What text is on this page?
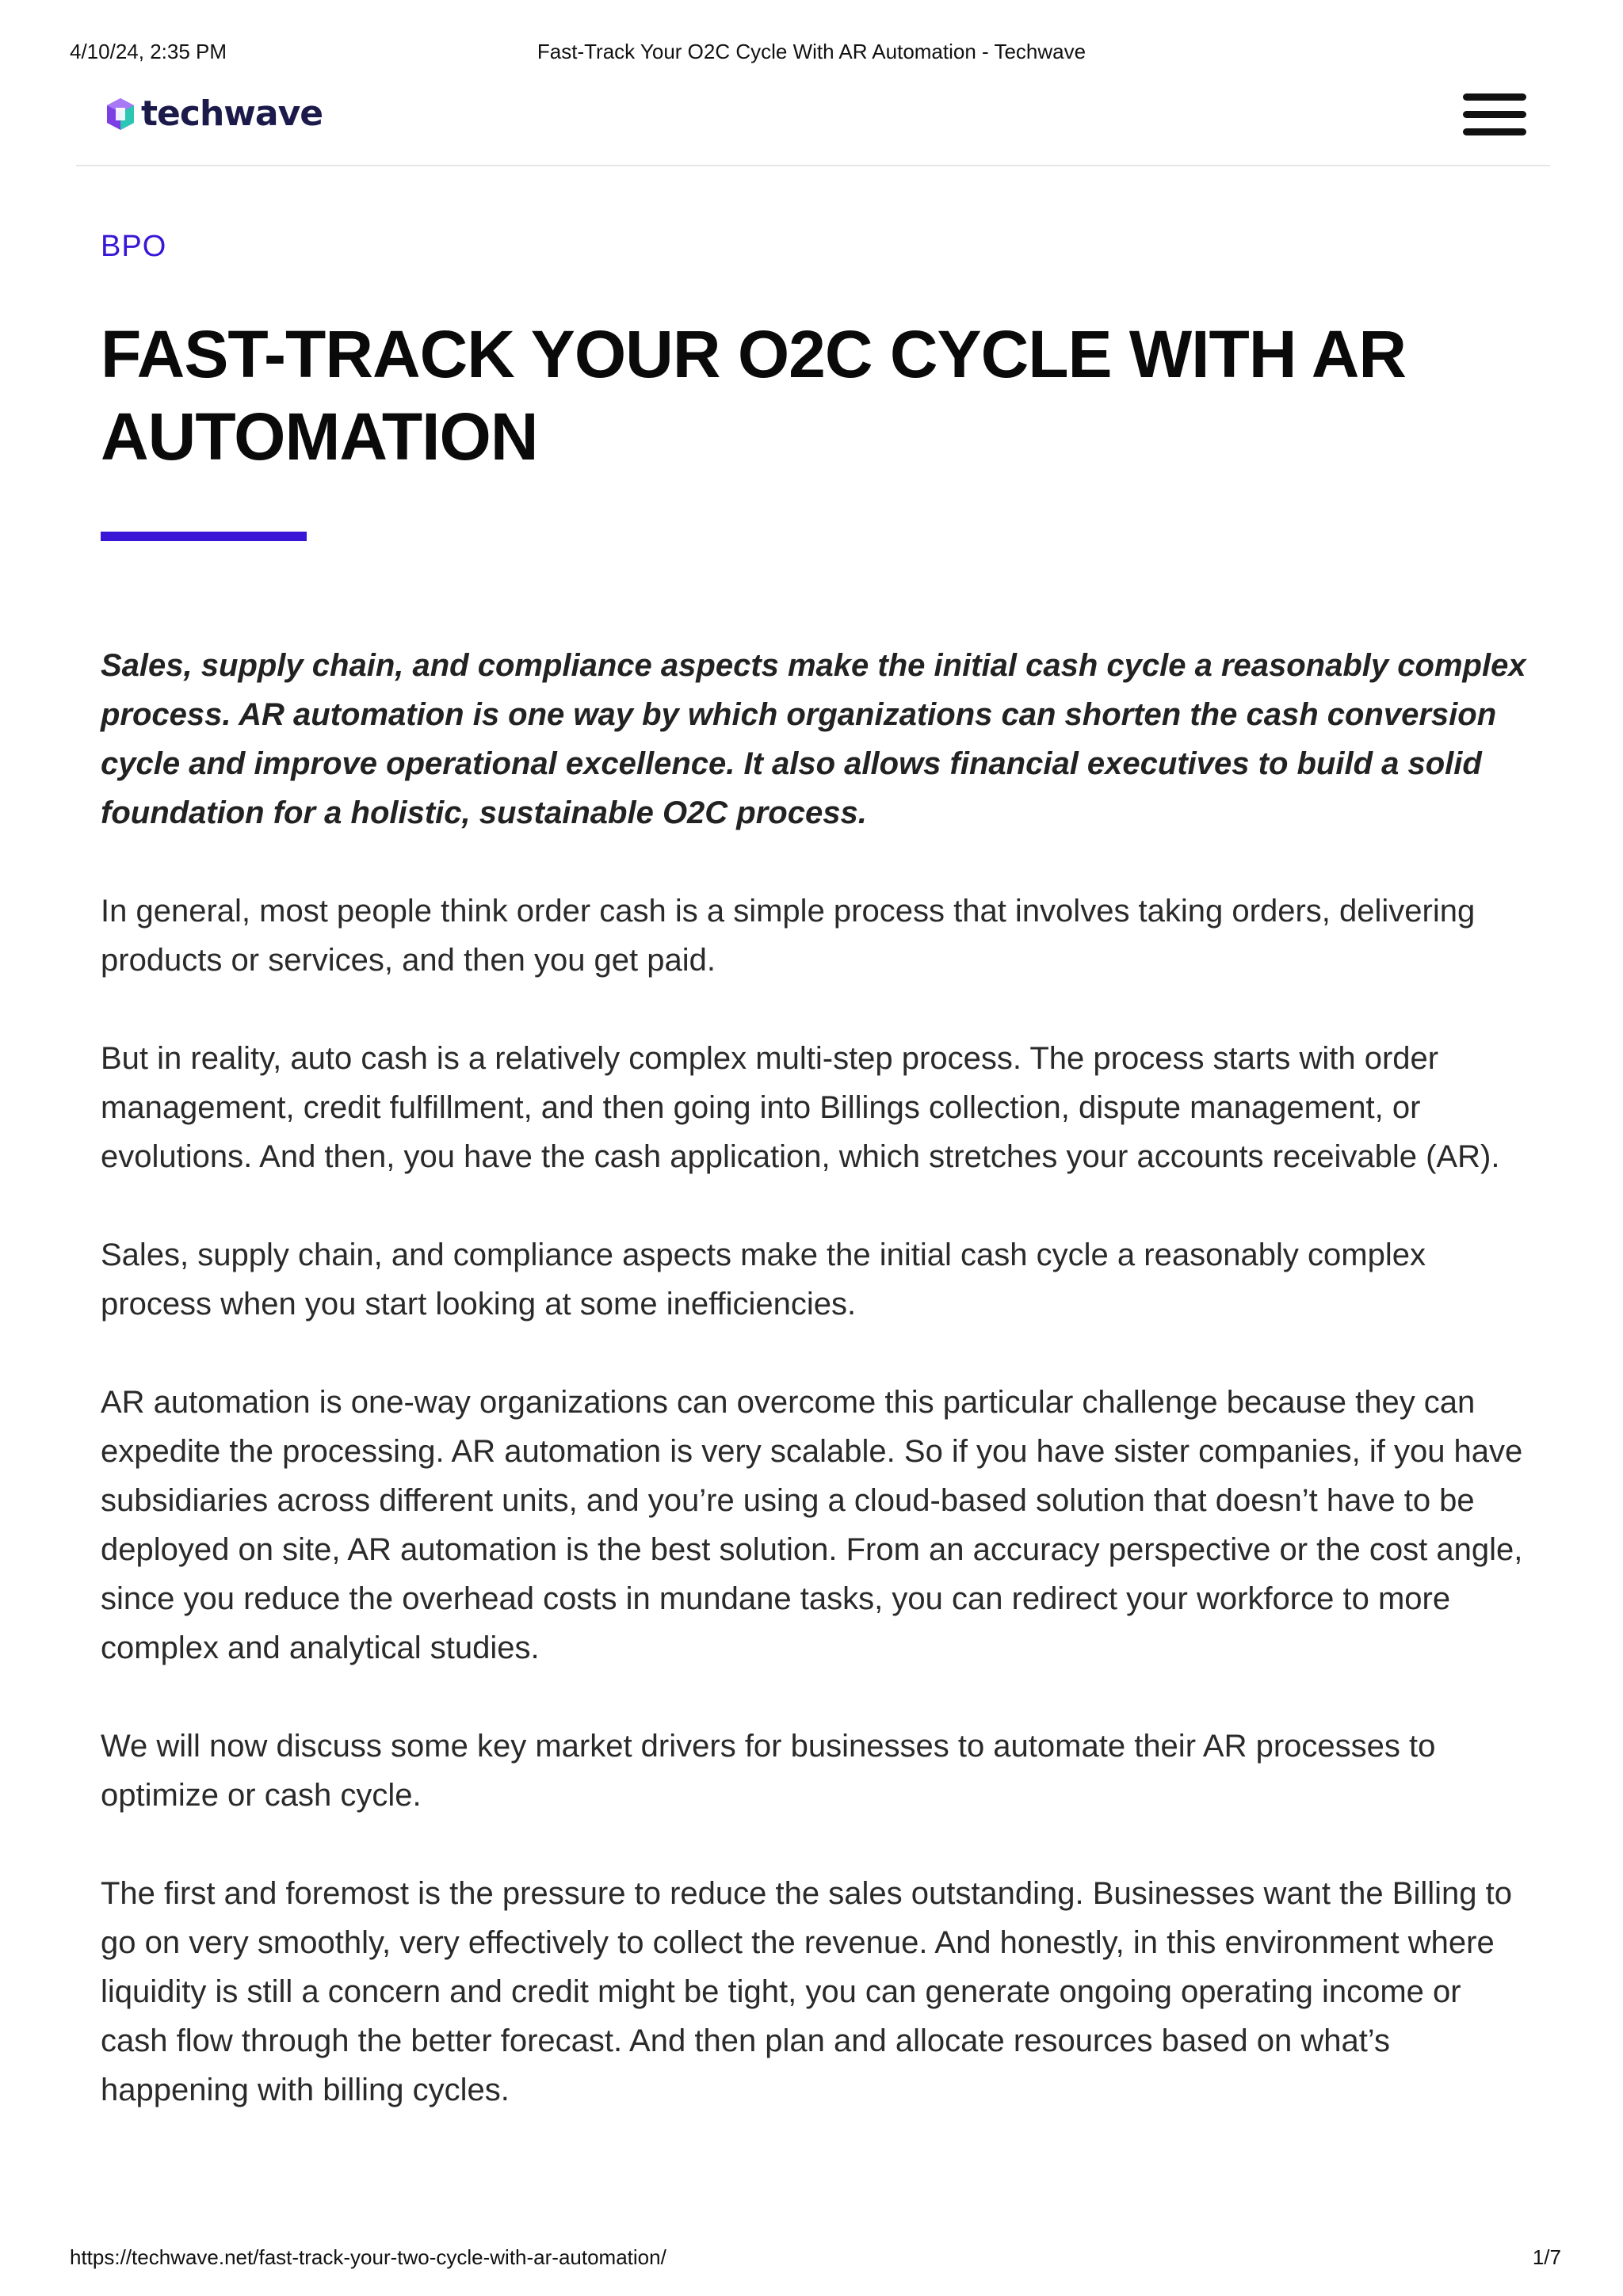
4/10/24, 2:35 PM	Fast-Track Your O2C Cycle With AR Automation - Techwave
techwave
BPO
FAST-TRACK YOUR O2C CYCLE WITH AR AUTOMATION

Sales, supply chain, and compliance aspects make the initial cash cycle a reasonably complex process. AR automation is one way by which organizations can shorten the cash conversion cycle and improve operational excellence. It also allows financial executives to build a solid foundation for a holistic, sustainable O2C process.

In general, most people think order cash is a simple process that involves taking orders, delivering products or services, and then you get paid.

But in reality, auto cash is a relatively complex multi-step process. The process starts with order management, credit fulfillment, and then going into Billings collection, dispute management, or evolutions. And then, you have the cash application, which stretches your accounts receivable (AR).

Sales, supply chain, and compliance aspects make the initial cash cycle a reasonably complex process when you start looking at some inefficiencies.

AR automation is one-way organizations can overcome this particular challenge because they can expedite the processing. AR automation is very scalable. So if you have sister companies, if you have subsidiaries across different units, and you’re using a cloud-based solution that doesn’t have to be deployed on site, AR automation is the best solution. From an accuracy perspective or the cost angle, since you reduce the overhead costs in mundane tasks, you can redirect your workforce to more complex and analytical studies.

We will now discuss some key market drivers for businesses to automate their AR processes to optimize or cash cycle.

The first and foremost is the pressure to reduce the sales outstanding. Businesses want the Billing to go on very smoothly, very effectively to collect the revenue. And honestly, in this environment where liquidity is still a concern and credit might be tight, you can generate ongoing operating income or cash flow through the better forecast. And then plan and allocate resources based on what’s happening with billing cycles.

https://techwave.net/fast-track-your-two-cycle-with-ar-automation/	1/7
